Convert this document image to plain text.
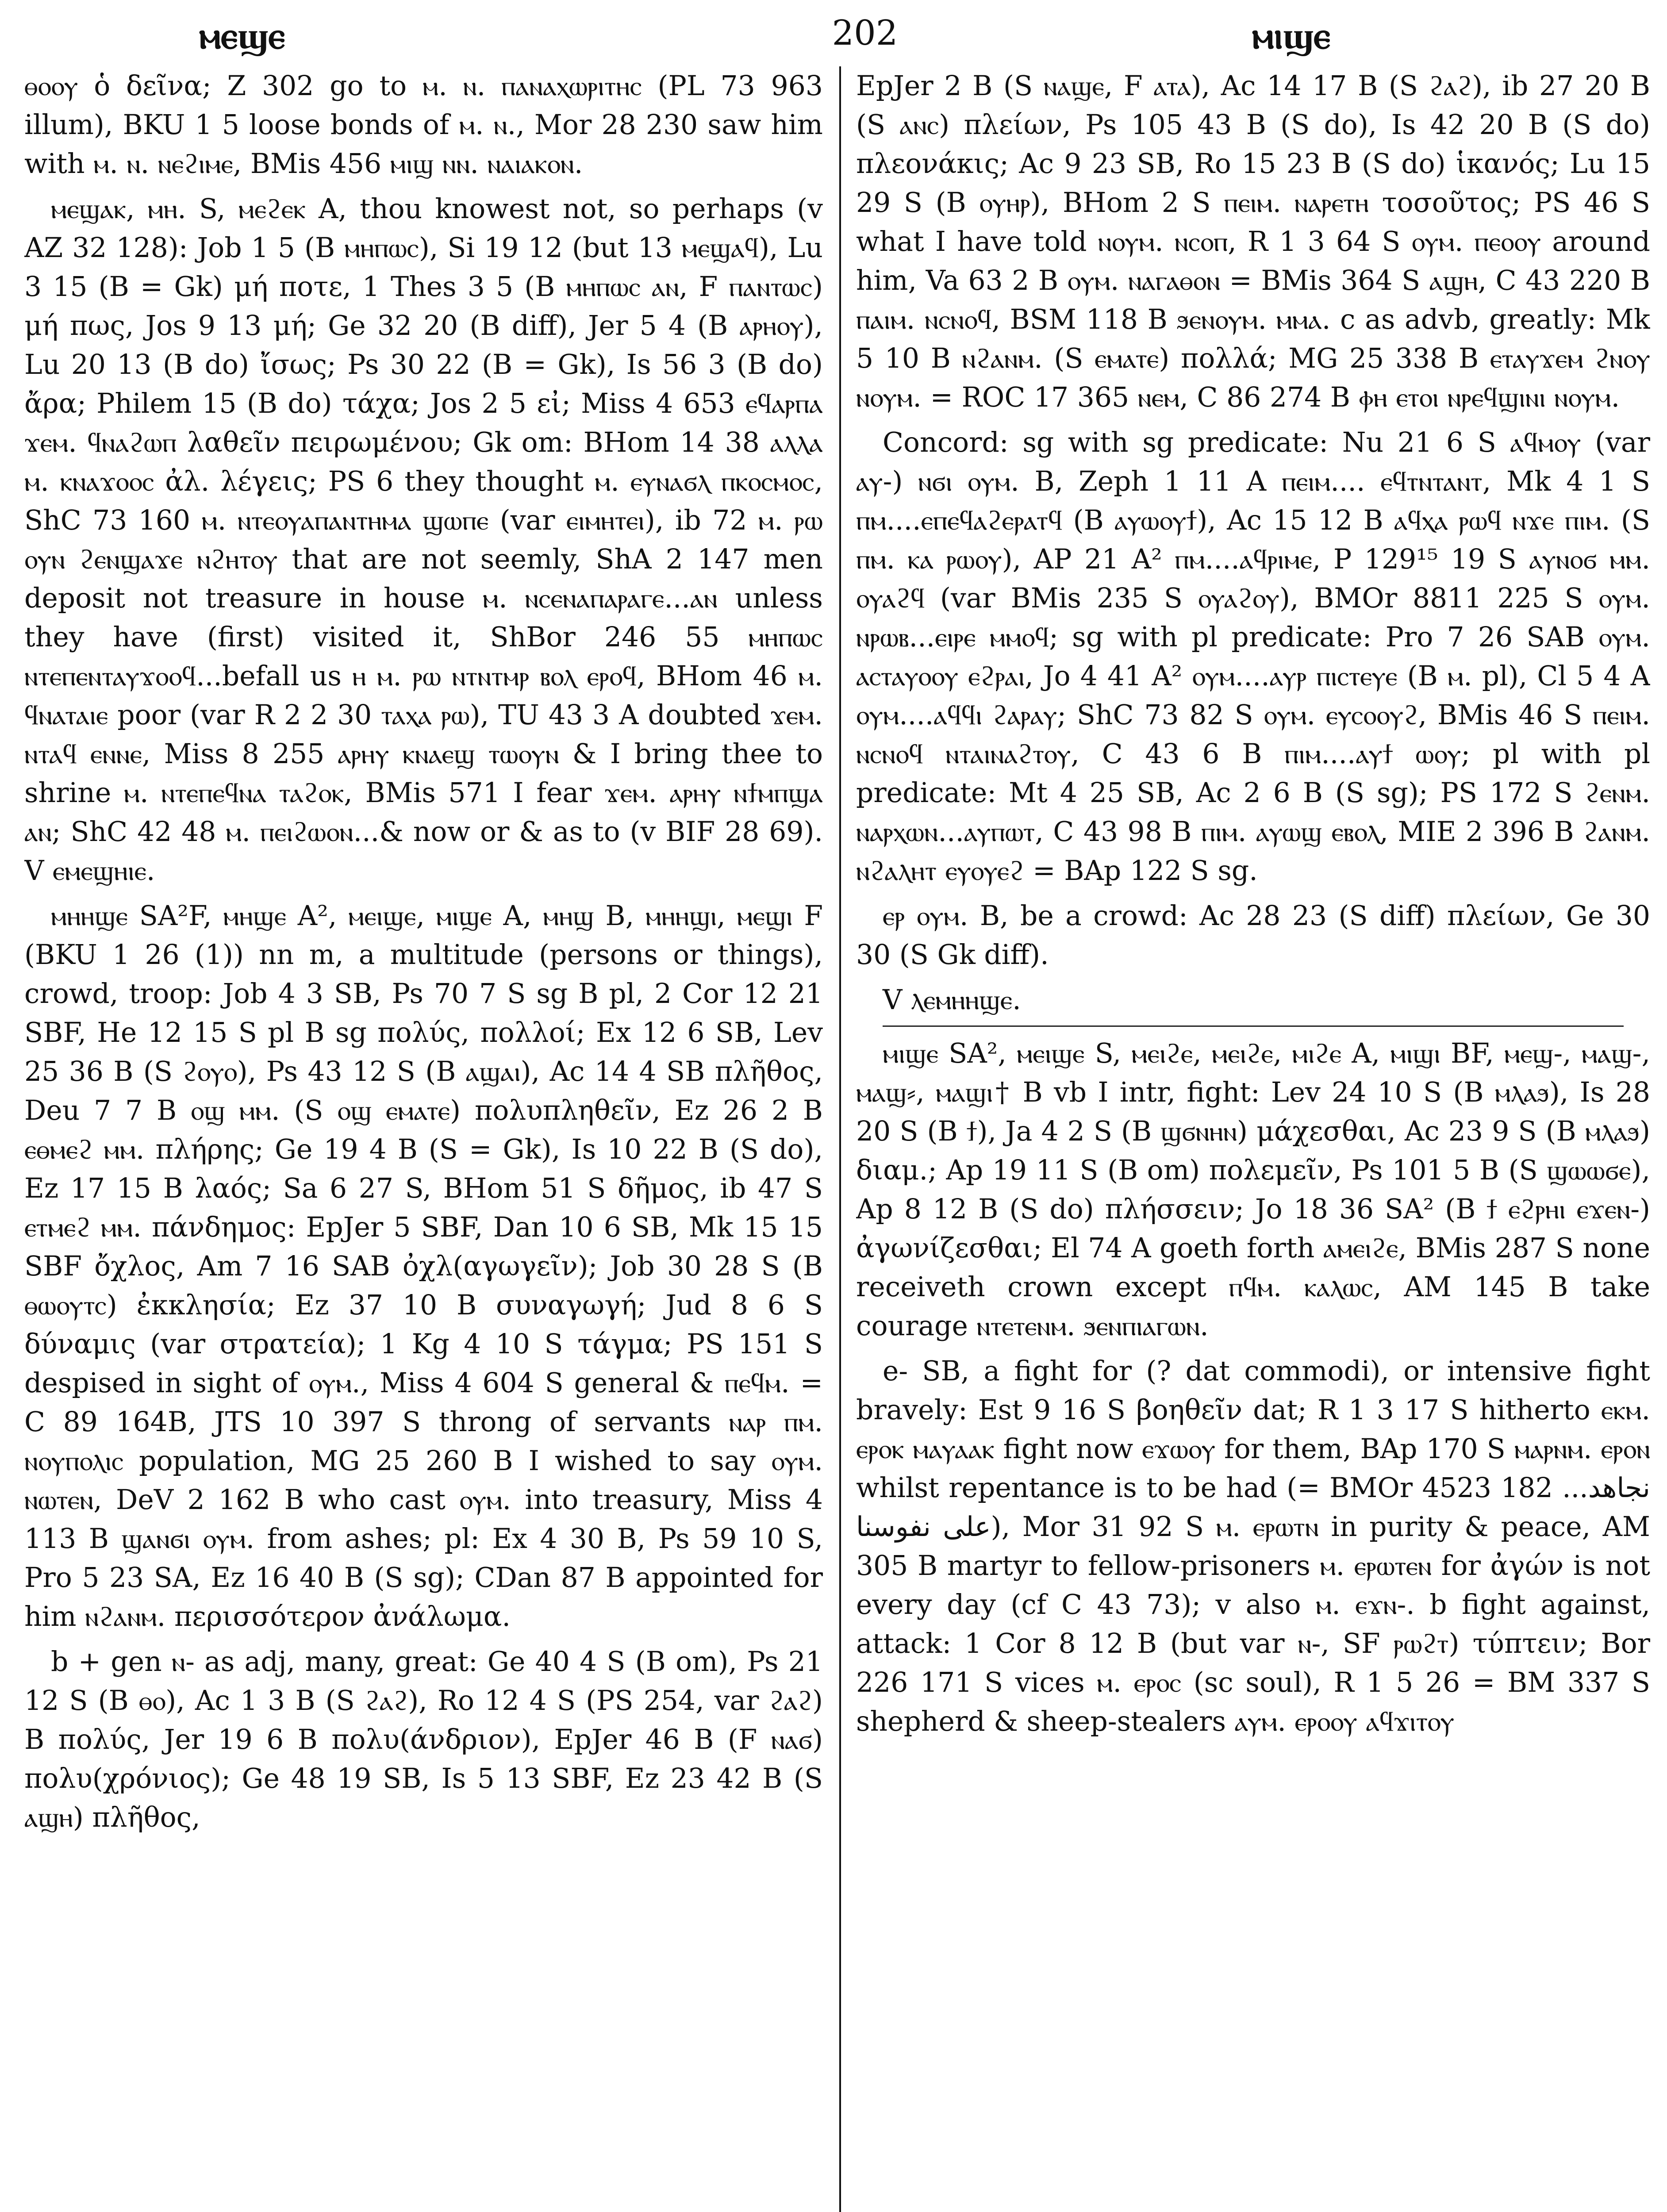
ⲙⲉϣⲉ	202	ⲙⲓϣⲉ

ⲑⲟⲟⲩ ὁ δεῖνα; Z 302 go to ⲙ. ⲛ. ⲡⲁⲛⲁⲭⲱⲣⲓⲧⲏⲥ (PL 73 963 illum), BKU 1 5 loose bonds of ⲙ. ⲛ., Mor 28 230 saw him with ⲙ. ⲛ. ⲛⲉϩⲓⲙⲉ, BMis 456 ⲙⲓϣ ⲛⲛ. ⲛⲁⲓⲁⲕⲟⲛ.

ⲙⲉϣⲁⲕ, ⲙⲏ. S, ⲙⲉϩⲉⲕ A, thou knowest not, so perhaps (v AZ 32 128): Job 1 5 (B ⲙⲏⲡⲱⲥ), Si 19 12 (but 13 ⲙⲉϣⲁϥ), Lu 3 15 (B = Gk) μή ποτε, 1 Thes 3 5 (B ⲙⲏⲡⲱⲥ ⲁⲛ, F ⲡⲁⲛⲧⲱⲥ) μή πως, Jos 9 13 μή; Ge 32 20 (B diff), Jer 5 4 (B ⲁⲣⲏⲟⲩ), Lu 20 13 (B do) ἴσως; Ps 30 22 (B = Gk), Is 56 3 (B do) ἄρα; Philem 15 (B do) τάχα; Jos 2 5 εἰ; Miss 4 653 ⲉϥⲁⲣⲡⲁ ϫⲉⲙ. ϥⲛⲁϩⲱⲡ λαθεῖν πειρωμένου; Gk om: BHom 14 38 ⲁⲗⲗⲁ ⲙ. ⲕⲛⲁϫⲟⲟⲥ ἀλ. λέγεις; PS 6 they thought ⲙ. ⲉⲩⲛⲁϭⲗ ⲡⲕⲟⲥⲙⲟⲥ, ShC 73 160 ⲙ. ⲛⲧⲉⲟⲩⲁⲡⲁⲛⲧⲏⲙⲁ ϣⲱⲡⲉ (var ⲉⲓⲙⲏⲧⲉⲓ), ib 72 ⲙ. ⲣⲱ ⲟⲩⲛ ϩⲉⲛϣⲁϫⲉ ⲛϩⲏⲧⲟⲩ that are not seemly, ShA 2 147 men deposit not treasure in house ⲙ. ⲛⲥⲉⲛⲁⲡⲁⲣⲁⲅⲉ...ⲁⲛ unless they have (first) visited it, ShBor 246 55 ⲙⲏⲡⲱⲥ ⲛⲧⲉⲡⲉⲛⲧⲁⲩϫⲟⲟϥ...befall us ⲏ ⲙ. ⲣⲱ ⲛⲧⲛⲧⲙⲣ ⲃⲟⲗ ⲉⲣⲟϥ, BHom 46 ⲙ. ϥⲛⲁⲧⲁⲓⲉ poor (var R 2 2 30 ⲧⲁⲭⲁ ⲣⲱ), TU 43 3 A doubted ϫⲉⲙ. ⲛⲧⲁϥ ⲉⲛⲛⲉ, Miss 8 255 ⲁⲣⲏⲩ ⲕⲛⲁⲉϣ ⲧⲱⲟⲩⲛ & I bring thee to shrine ⲙ. ⲛⲧⲉⲡⲉϥⲛⲁ ⲧⲁϩⲟⲕ, BMis 571 I fear ϫⲉⲙ. ⲁⲣⲏⲩ ⲛϯⲙⲡϣⲁ ⲁⲛ; ShC 42 48 ⲙ. ⲡⲉⲓϩⲱⲟⲛ...& now or & as to (v BIF 28 69). V ⲉⲙⲉϣⲏⲓⲉ.

ⲙⲏⲏϣⲉ SA²F, ⲙⲏϣⲉ A², ⲙⲉⲓϣⲉ, ⲙⲓϣⲉ A, ⲙⲏϣ B, ⲙⲏⲏϣⲓ, ⲙⲉϣⲓ F (BKU 1 26 (1)) nn m, a multitude (persons or things), crowd, troop: Job 4 3 SB, Ps 70 7 S sg B pl, 2 Cor 12 21 SBF, He 12 15 S pl B sg πολύς, πολλοί; Ex 12 6 SB, Lev 25 36 B (S ϩⲟⲩⲟ), Ps 43 12 S (B ⲁϣⲁⲓ), Ac 14 4 SB πλῆθος, Deu 7 7 B ⲟϣ ⲙⲙ. (S ⲟϣ ⲉⲙⲁⲧⲉ) πολυπληθεῖν, Ez 26 2 B ⲉⲑⲙⲉϩ ⲙⲙ. πλήρης; Ge 19 4 B (S = Gk), Is 10 22 B (S do), Ez 17 15 B λαός; Sa 6 27 S, BHom 51 S δῆμος, ib 47 S ⲉⲧⲙⲉϩ ⲙⲙ. πάνδημος: EpJer 5 SBF, Dan 10 6 SB, Mk 15 15 SBF ὄχλος, Am 7 16 SAB ὀχλ(αγωγεῖν); Job 30 28 S (B ⲑⲱⲟⲩⲧⲥ) ἐκκλησία; Ez 37 10 B συναγωγή; Jud 8 6 S δύναμις (var στρατεία); 1 Kg 4 10 S τάγμα; PS 151 S despised in sight of ⲟⲩⲙ., Miss 4 604 S general & ⲡⲉϥⲙ. = C 89 164B, JTS 10 397 S throng of servants ⲛⲁⲣ ⲡⲙ. ⲛⲟⲩⲡⲟⲗⲓⲥ population, MG 25 260 B I wished to say ⲟⲩⲙ. ⲛⲱⲧⲉⲛ, DeV 2 162 B who cast ⲟⲩⲙ. into treasury, Miss 4 113 B ϣⲁⲛϭⲓ ⲟⲩⲙ. from ashes; pl: Ex 4 30 B, Ps 59 10 S, Pro 5 23 SA, Ez 16 40 B (S sg); CDan 87 B appointed for him ⲛϩⲁⲛⲙ. περισσότερον ἀνάλωμα.

b + gen ⲛ- as adj, many, great: Ge 40 4 S (B om), Ps 21 12 S (B ⲑⲟ), Ac 1 3 B (S ϩⲁϩ), Ro 12 4 S (PS 254, var ϩⲁϩ) B πολύς, Jer 19 6 B πολυ(άνδριον), EpJer 46 B (F ⲛⲁϭ) πολυ(χρόνιος); Ge 48 19 SB, Is 5 13 SBF, Ez 23 42 B (S ⲁϣⲏ) πλῆθος,

EpJer 2 B (S ⲛⲁϣⲉ, F ⲁⲧⲁ), Ac 14 17 B (S ϩⲁϩ), ib 27 20 B (S ⲁⲛⲥ) πλείων, Ps 105 43 B (S do), Is 42 20 B (S do) πλεονάκις; Ac 9 23 SB, Ro 15 23 B (S do) ἱκανός; Lu 15 29 S (B ⲟⲩⲏⲣ), BHom 2 S ⲡⲉⲓⲙ. ⲛⲁⲣⲉⲧⲏ τοσοῦτος; PS 46 S what I have told ⲛⲟⲩⲙ. ⲛⲥⲟⲡ, R 1 3 64 S ⲟⲩⲙ. ⲡⲉⲟⲟⲩ around him, Va 63 2 B ⲟⲩⲙ. ⲛⲁⲅⲁⲑⲟⲛ = BMis 364 S ⲁϣⲏ, C 43 220 B ⲡⲁⲓⲙ. ⲛⲥⲛⲟϥ, BSM 118 B ϧⲉⲛⲟⲩⲙ. ⲙⲙⲁ. c as advb, greatly: Mk 5 10 B ⲛϩⲁⲛⲙ. (S ⲉⲙⲁⲧⲉ) πολλά; MG 25 338 B ⲉⲧⲁⲩϫⲉⲙ ϩⲛⲟⲩ ⲛⲟⲩⲙ. = ROC 17 365 ⲛⲉⲙ, C 86 274 B ⲫⲏ ⲉⲧⲟⲓ ⲛⲣⲉϥϣⲓⲛⲓ ⲛⲟⲩⲙ.

Concord: sg with sg predicate: Nu 21 6 S ⲁϥⲙⲟⲩ (var ⲁⲩ-) ⲛϭⲓ ⲟⲩⲙ. B, Zeph 1 11 A ⲡⲉⲓⲙ.... ⲉϥⲧⲛⲧⲁⲛⲧ, Mk 4 1 S ⲡⲙ....ⲉⲡⲉϥⲁϩⲉⲣⲁⲧϥ (B ⲁⲩⲱⲟⲩϯ), Ac 15 12 B ⲁϥⲭⲁ ⲣⲱϥ ⲛϫⲉ ⲡⲓⲙ. (S ⲡⲙ. ⲕⲁ ⲣⲱⲟⲩ), AP 21 A² ⲡⲙ....ⲁϥⲣⲓⲙⲉ, P 129¹⁵ 19 S ⲁⲩⲛⲟϭ ⲙⲙ. ⲟⲩⲁϩϥ (var BMis 235 S ⲟⲩⲁϩⲟⲩ), BMOr 8811 225 S ⲟⲩⲙ. ⲛⲣⲱⲃ...ⲉⲓⲣⲉ ⲙⲙⲟϥ; sg with pl predicate: Pro 7 26 SAB ⲟⲩⲙ. ⲁⲥⲧⲁⲩⲟⲟⲩ ⲉϩⲣⲁⲓ, Jo 4 41 A² ⲟⲩⲙ....ⲁⲩⲣ ⲡⲓⲥⲧⲉⲩⲉ (B ⲙ. pl), Cl 5 4 A ⲟⲩⲙ....ⲁϥϥⲓ ϩⲁⲣⲁⲩ; ShC 73 82 S ⲟⲩⲙ. ⲉⲩⲥⲟⲟⲩϩ, BMis 46 S ⲡⲉⲓⲙ. ⲛⲥⲛⲟϥ ⲛⲧⲁⲓⲛⲁϩⲧⲟⲩ, C 43 6 B ⲡⲓⲙ....ⲁⲩϯ ⲱⲟⲩ; pl with pl predicate: Mt 4 25 SB, Ac 2 6 B (S sg); PS 172 S ϩⲉⲛⲙ. ⲛⲁⲣⲭⲱⲛ...ⲁⲩⲡⲱⲧ, C 43 98 B ⲡⲓⲙ. ⲁⲩⲱϣ ⲉⲃⲟⲗ, MIE 2 396 B ϩⲁⲛⲙ. ⲛϩⲁⲗⲏⲧ ⲉⲩⲟⲩⲉϩ = BAp 122 S sg.

ⲉⲣ ⲟⲩⲙ. B, be a crowd: Ac 28 23 (S diff) πλείων, Ge 30 30 (S Gk diff).

V ⲗⲉⲙⲏⲏϣⲉ.

ⲙⲓϣⲉ SA², ⲙⲉⲓϣⲉ S, ⲙⲉⲓϩⲉ, ⲙⲉⲓϩⲉ, ⲙⲓϩⲉ A, ⲙⲓϣⲓ BF, ⲙⲉϣ-, ⲙⲁϣ-, ⲙⲁϣ⸗, ⲙⲁϣⲓ† B vb I intr, fight: Lev 24 10 S (B ⲙⲗⲁϧ), Is 28 20 S (B ϯ), Ja 4 2 S (B ϣϭⲛⲏⲛ) μάχεσθαι, Ac 23 9 S (B ⲙⲗⲁϧ) διαμ.; Ap 19 11 S (B om) πολεμεῖν, Ps 101 5 B (S ϣⲱⲱϭⲉ), Ap 8 12 B (S do) πλήσσειν; Jo 18 36 SA² (B ϯ ⲉϩⲣⲏⲓ ⲉϫⲉⲛ-) ἀγωνίζεσθαι; El 74 A goeth forth ⲁⲙⲉⲓϩⲉ, BMis 287 S none receiveth crown except ⲡϥⲙ. ⲕⲁⲗⲱⲥ, AM 145 B take courage ⲛⲧⲉⲧⲉⲛⲙ. ϧⲉⲛⲡⲓⲁⲅⲱⲛ.

e- SB, a fight for (? dat commodi), or intensive fight bravely: Est 9 16 S βοηθεῖν dat; R 1 3 17 S hitherto ⲉⲕⲙ. ⲉⲣⲟⲕ ⲙⲁⲩⲁⲁⲕ fight now ⲉϫⲱⲟⲩ for them, BAp 170 S ⲙⲁⲣⲛⲙ. ⲉⲣⲟⲛ whilst repentance is to be had (= BMOr 4523 182 ...نجاهد على نفوسنا), Mor 31 92 S ⲙ. ⲉⲣⲱⲧⲛ in purity & peace, AM 305 B martyr to fellow-prisoners ⲙ. ⲉⲣⲱⲧⲉⲛ for ἀγών is not every day (cf C 43 73); v also ⲙ. ⲉϫⲛ-. b fight against, attack: 1 Cor 8 12 B (but var ⲛ-, SF ⲣⲱϩⲧ) τύπτειν; Bor 226 171 S vices ⲙ. ⲉⲣⲟⲥ (sc soul), R 1 5 26 = BM 337 S shepherd & sheep-stealers ⲁⲩⲙ. ⲉⲣⲟⲟⲩ ⲁϥϫⲓⲧⲟⲩ
